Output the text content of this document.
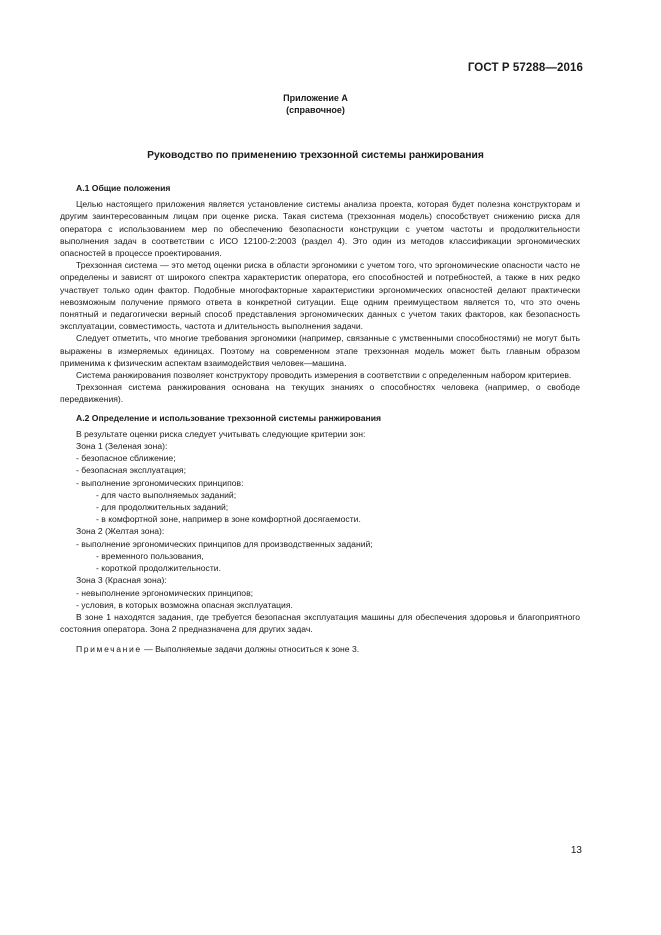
ГОСТ Р 57288—2016
Приложение А
(справочное)
Руководство по применению трехзонной системы ранжирования
А.1 Общие положения

Целью настоящего приложения является установление системы анализа проекта, которая будет полезна конструкторам и другим заинтересованным лицам при оценке риска. Такая система (трехзонная модель) способствует снижению риска для оператора с использованием мер по обеспечению безопасности конструкции с учетом частоты и продолжительности выполнения задач в соответствии с ИСО 12100-2:2003 (раздел 4). Это один из методов классификации эргономических опасностей в процессе проектирования.

Трехзонная система — это метод оценки риска в области эргономики с учетом того, что эргономические опасности часто не определены и зависят от широкого спектра характеристик оператора, его способностей и потребностей, а также в них редко участвует только один фактор. Подобные многофакторные характеристики эргономических опасностей делают практически невозможным получение прямого ответа в конкретной ситуации. Еще одним преимуществом является то, что это очень понятный и педагогически верный способ представления эргономических данных с учетом таких факторов, как безопасность эксплуатации, совместимость, частота и длительность выполнения задачи.

Следует отметить, что многие требования эргономики (например, связанные с умственными способностями) не могут быть выражены в измеряемых единицах. Поэтому на современном этапе трехзонная модель может быть главным образом применима к физическим аспектам взаимодействия человек—машина.

Система ранжирования позволяет конструктору проводить измерения в соответствии с определенным набором критериев.

Трехзонная система ранжирования основана на текущих знаниях о способностях человека (например, о свободе передвижения).

А.2 Определение и использование трехзонной системы ранжирования
В результате оценки риска следует учитывать следующие критерии зон:
Зона 1 (Зеленая зона):
- безопасное сближение;
- безопасная эксплуатация;
- выполнение эргономических принципов:
- для часто выполняемых заданий;
- для продолжительных заданий;
- в комфортной зоне, например в зоне комфортной досягаемости.
Зона 2 (Желтая зона):
- выполнение эргономических принципов для производственных заданий;
- временного пользования,
- короткой продолжительности.
Зона 3 (Красная зона):
- невыполнение эргономических принципов;
- условия, в которых возможна опасная эксплуатация.

В зоне 1 находятся задания, где требуется безопасная эксплуатация машины для обеспечения здоровья и благоприятного состояния оператора. Зона 2 предназначена для других задач.

Примечание — Выполняемые задачи должны относиться к зоне 3.
13
